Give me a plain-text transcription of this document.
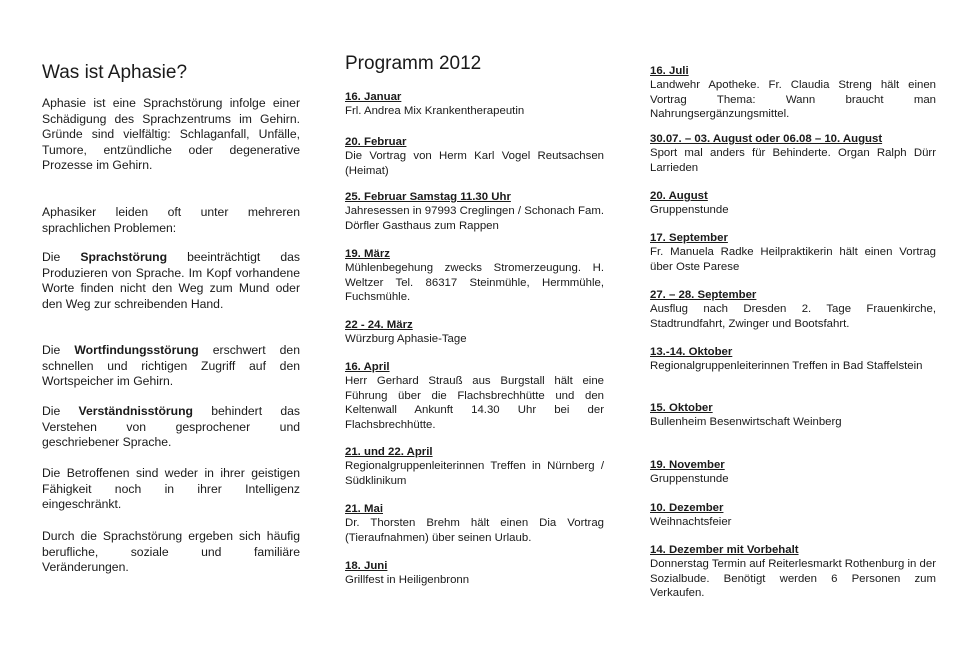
Was ist Aphasie?

Aphasie ist eine Sprachstörung infolge einer Schädigung des Sprachzentrums im Gehirn. Gründe sind vielfältig: Schlaganfall, Unfälle, Tumore, entzündliche oder degenerative Prozesse im Gehirn.

Aphasiker leiden oft unter mehreren sprachlichen Problemen:

Die Sprachstörung beeinträchtigt das Produzieren von Sprache. Im Kopf vorhandene Worte finden nicht den Weg zum Mund oder den Weg zur schreibenden Hand.

Die Wortfindungsstörung erschwert den schnellen und richtigen Zugriff auf den Wortspeicher im Gehirn.

Die Verständnisstörung behindert das Verstehen von gesprochener und geschriebener Sprache.

Die Betroffenen sind weder in ihrer geistigen Fähigkeit noch in ihrer Intelligenz eingeschränkt.

Durch die Sprachstörung ergeben sich häufig berufliche, soziale und familiäre Veränderungen.

Programm 2012
16. Januar
Frl. Andrea Mix Krankentherapeutin
20. Februar
Die Vortrag von Herm Karl Vogel Reutsachsen (Heimat)
25. Februar Samstag 11.30 Uhr
Jahresessen in 97993 Creglingen / Schonach Fam. Dörfler Gasthaus zum Rappen
19. März
Mühlenbegehung zwecks Stromerzeugung. H. Weltzer Tel. 86317 Steinmühle, Hermmühle, Fuchsmühle.
22 - 24. März
Würzburg Aphasie-Tage
16. April
Herr Gerhard Strauß aus Burgstall hält eine Führung über die Flachsbrechhütte und den Keltenwall Ankunft 14.30 Uhr bei der Flachsbrechhütte.
21. und 22. April
Regionalgruppenleiterinnen Treffen in Nürnberg / Südklinikum
21. Mai
Dr. Thorsten Brehm hält einen Dia Vortrag (Tieraufnahmen) über seinen Urlaub.
18. Juni
Grillfest in Heiligenbronn
16. Juli
Landwehr Apotheke. Fr. Claudia Streng hält einen Vortrag Thema: Wann braucht man Nahrungsergänzungsmittel.
30.07. – 03. August oder 06.08 – 10. August
Sport mal anders für Behinderte. Organ Ralph Dürr Larrieden
20. August
Gruppenstunde
17. September
Fr. Manuela Radke Heilpraktikerin hält einen Vortrag über Oste Parese
27. – 28. September
Ausflug nach Dresden 2. Tage Frauenkirche, Stadtrundfahrt, Zwinger und Bootsfahrt.
13.-14. Oktober
Regionalgruppenleiterinnen Treffen in Bad Staffelstein
15. Oktober
Bullenheim Besenwirtschaft Weinberg
19. November
Gruppenstunde
10. Dezember
Weihnachtsfeier
14. Dezember mit Vorbehalt
Donnerstag Termin auf Reiterlesmarkt Rothenburg in der Sozialbude. Benötigt werden 6 Personen zum Verkaufen.
